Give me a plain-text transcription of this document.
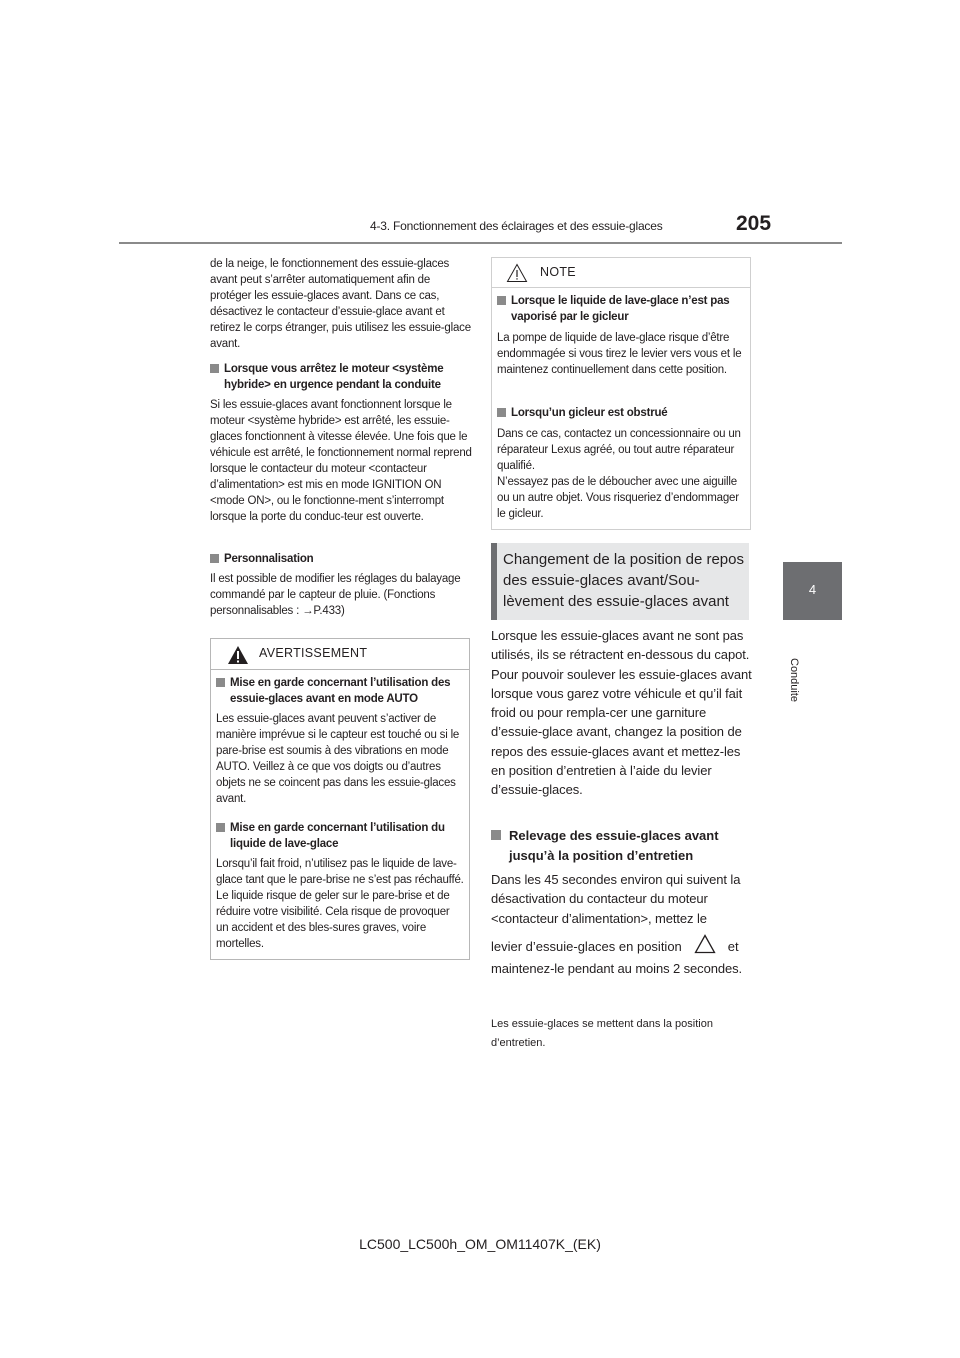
4-3. Fonctionnement des éclairages et des essuie-glaces	205
4
Conduite

de la neige, le fonctionnement des essuie-glaces avant peut s’arrêter automatiquement afin de protéger les essuie-glaces avant. Dans ce cas, désactivez le contacteur d’essuie-glace avant et retirez le corps étranger, puis utilisez les essuie-glace avant.

Lorsque vous arrêtez le moteur <système hybride> en urgence pendant la conduite

Si les essuie-glaces avant fonctionnent lorsque le moteur <système hybride> est arrêté, les essuie-glaces fonctionnent à vitesse élevée. Une fois que le véhicule est arrêté, le fonctionnement normal reprend lorsque le contacteur du moteur <contacteur d’alimentation> est mis en mode IGNITION ON <mode ON>, ou le fonctionne-ment s’interrompt lorsque la porte du conduc-teur est ouverte.

Personnalisation

Il est possible de modifier les réglages du balayage commandé par le capteur de pluie. (Fonctions personnalisables : →P.433)

AVERTISSEMENT
Mise en garde concernant l’utilisation des essuie-glaces avant en mode AUTO

Les essuie-glaces avant peuvent s’activer de manière imprévue si le capteur est touché ou si le pare-brise est soumis à des vibrations en mode AUTO. Veillez à ce que vos doigts ou d’autres objets ne se coincent pas dans les essuie-glaces avant.

Mise en garde concernant l’utilisation du liquide de lave-glace

Lorsqu’il fait froid, n’utilisez pas le liquide de lave-glace tant que le pare-brise ne s’est pas réchauffé. Le liquide risque de geler sur le pare-brise et de réduire votre visibilité. Cela risque de provoquer un accident et des bles-sures graves, voire mortelles.

NOTE
Lorsque le liquide de lave-glace n’est pas vaporisé par le gicleur

La pompe de liquide de lave-glace risque d’être endommagée si vous tirez le levier vers vous et le maintenez continuellement dans cette position.

Lorsqu’un gicleur est obstrué

Dans ce cas, contactez un concessionnaire ou un réparateur Lexus agréé, ou tout autre réparateur qualifié.

N’essayez pas de le déboucher avec une aiguille ou un autre objet. Vous risqueriez d’endommager le gicleur.

Changement de la position de repos des essuie-glaces avant/Sou-lèvement des essuie-glaces avant

Lorsque les essuie-glaces avant ne sont pas utilisés, ils se rétractent en-dessous du capot. Pour pouvoir soulever les essuie-glaces avant lorsque vous garez votre véhicule et qu’il fait froid ou pour rempla-cer une garniture d’essuie-glace avant, changez la position de repos des essuie-glaces avant et mettez-les en position d’entretien à l’aide du levier d’essuie-glaces.

Relevage des essuie-glaces avant jusqu’à la position d’entretien

Dans les 45 secondes environ qui suivent la désactivation du contacteur du moteur <contacteur d’alimentation>, mettez le

levier d’essuie-glaces en position	et

maintenez-le pendant au moins 2 secondes.

Les essuie-glaces se mettent dans la position d’entretien.

LC500_LC500h_OM_OM11407K_(EK)
